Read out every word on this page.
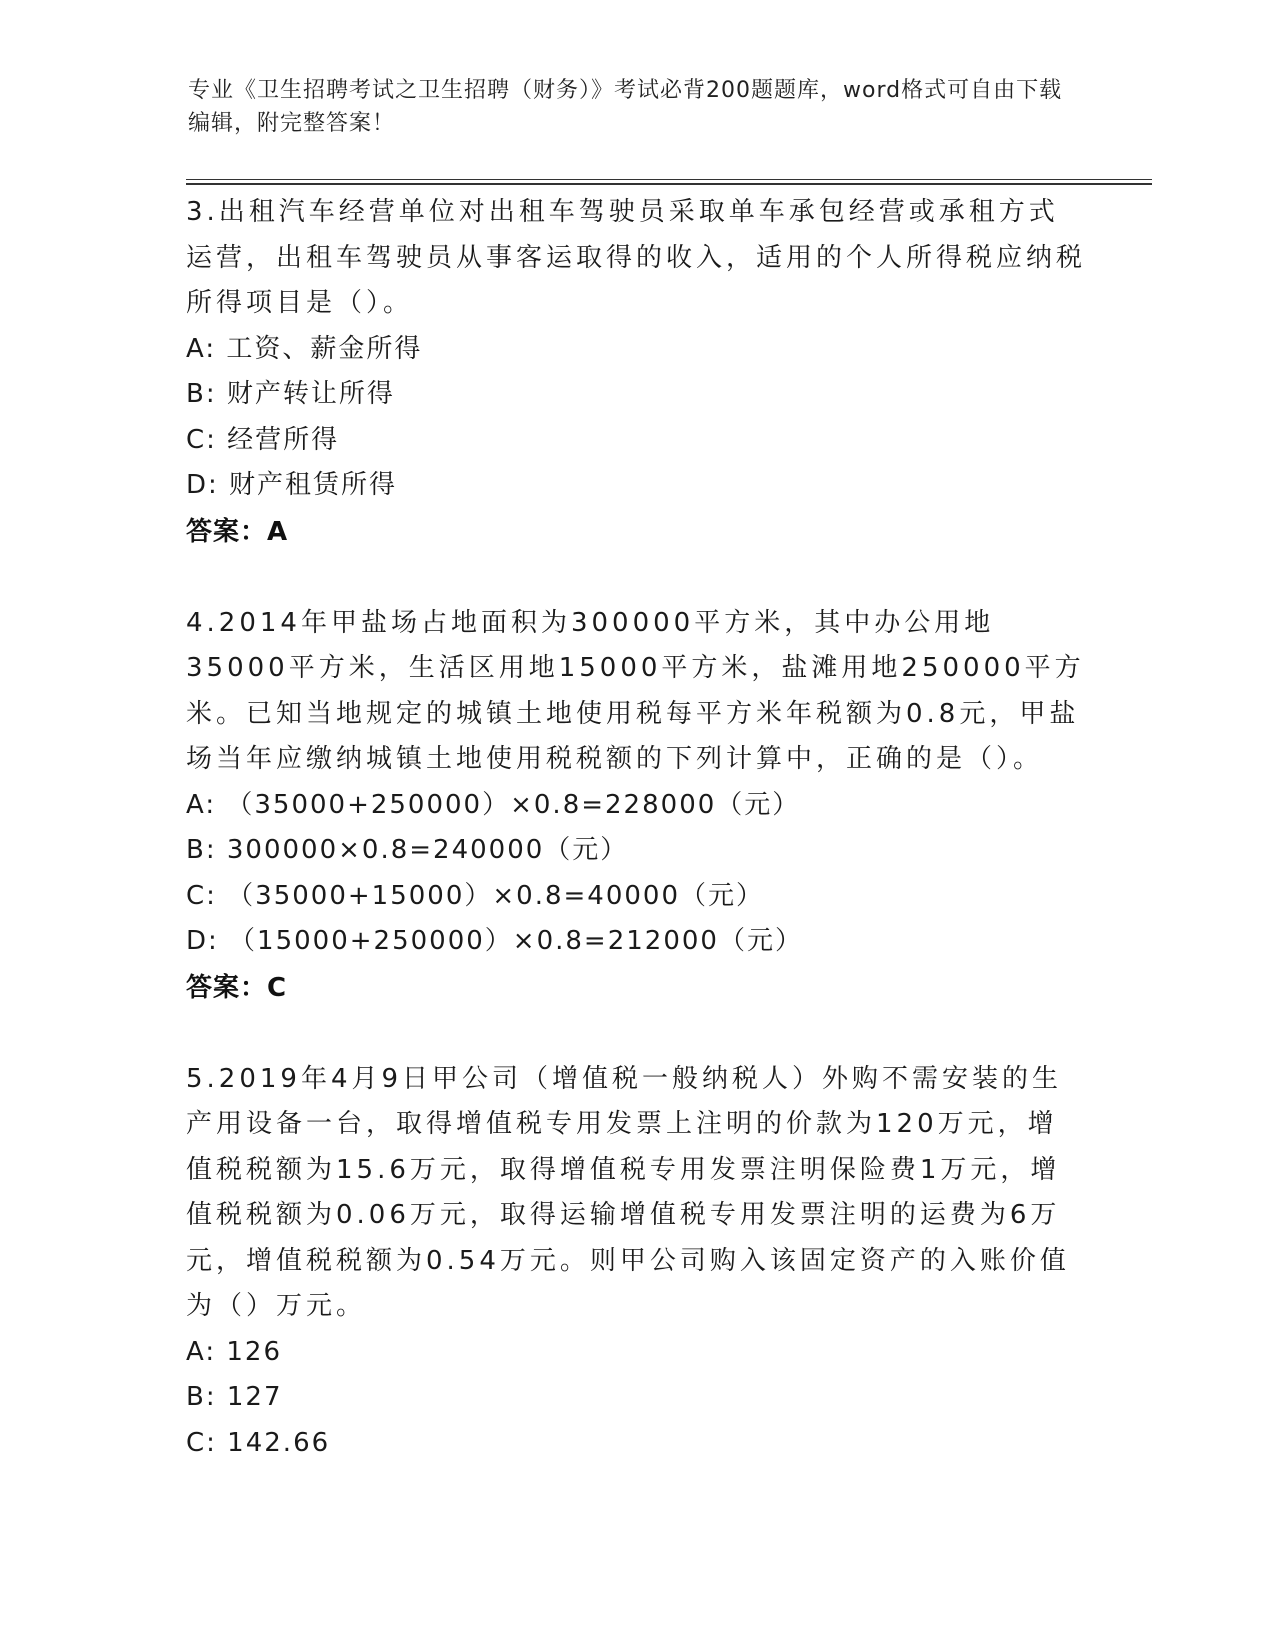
专业《卫生招聘考试之卫生招聘（财务）》考试必背200题题库，word格式可自由下载编辑，附完整答案！

3.出租汽车经营单位对出租车驾驶员采取单车承包经营或承租方式运营，出租车驾驶员从事客运取得的收入，适用的个人所得税应纳税所得项目是（）。

A: 工资、薪金所得

B: 财产转让所得

C: 经营所得

D: 财产租赁所得

答案：A

4.2014年甲盐场占地面积为300000平方米，其中办公用地35000平方米，生活区用地15000平方米，盐滩用地250000平方米。已知当地规定的城镇土地使用税每平方米年税额为0.8元，甲盐场当年应缴纳城镇土地使用税税额的下列计算中，正确的是（）。

A: （35000+250000）×0.8=228000（元）

B: 300000×0.8=240000（元）

C: （35000+15000）×0.8=40000（元）

D: （15000+250000）×0.8=212000（元）

答案：C

5.2019年4月9日甲公司（增值税一般纳税人）外购不需安装的生产用设备一台，取得增值税专用发票上注明的价款为120万元，增值税税额为15.6万元，取得增值税专用发票注明保险费1万元，增值税税额为0.06万元，取得运输增值税专用发票注明的运费为6万元，增值税税额为0.54万元。则甲公司购入该固定资产的入账价值为（）万元。

A: 126

B: 127

C: 142.66
